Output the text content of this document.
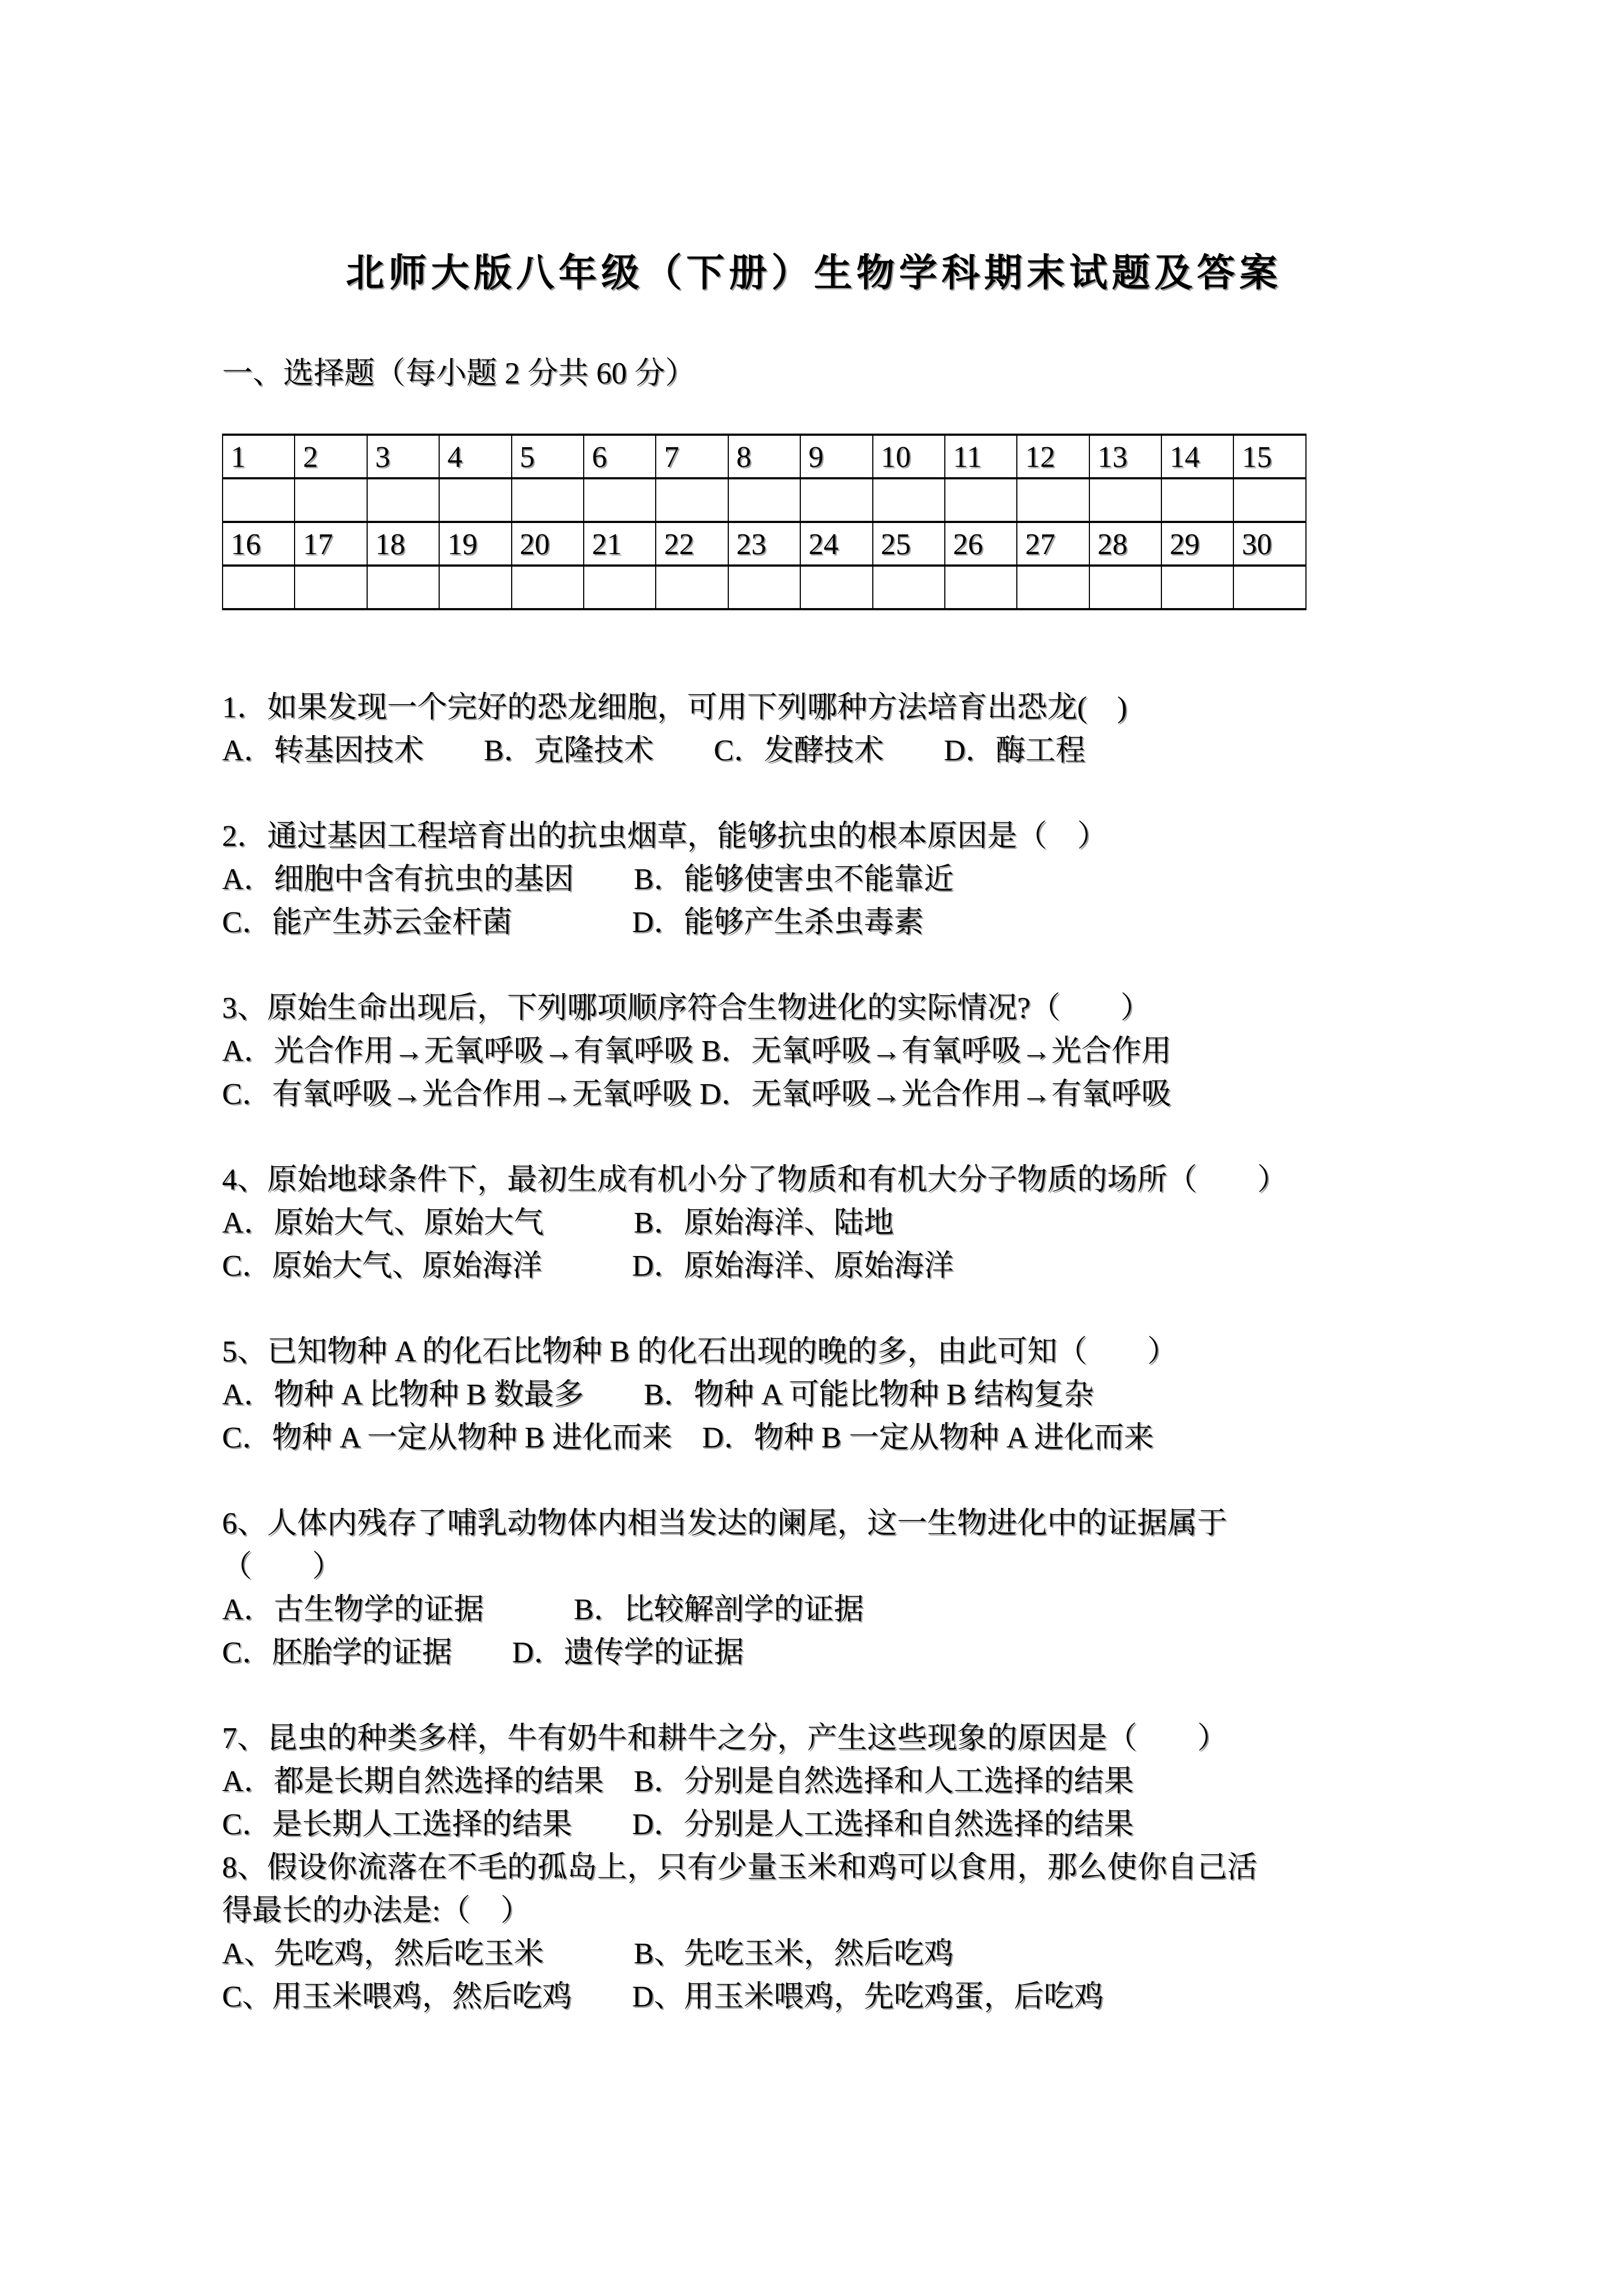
北师大版八年级（下册）生物学科期末试题及答案

一、选择题（每小题 2 分共 60 分）

1	2	3	4	5	6	7	8	9	10	11	12	13	14	15

16	17	18	19	20	21	22	23	24	25	26	27	28	29	30

1．如果发现一个完好的恐龙细胞，可用下列哪种方法培育出恐龙(　)

A．转基因技术　　B．克隆技术　　C．发酵技术　　D．酶工程

2．通过基因工程培育出的抗虫烟草，能够抗虫的根本原因是（　）

A．细胞中含有抗虫的基因　　B．能够使害虫不能靠近

C．能产生苏云金杆菌　　　　D．能够产生杀虫毒素

3、原始生命出现后，下列哪项顺序符合生物进化的实际情况?（　　）

A．光合作用→无氧呼吸→有氧呼吸 B．无氧呼吸→有氧呼吸→光合作用

C．有氧呼吸→光合作用→无氧呼吸 D．无氧呼吸→光合作用→有氧呼吸

4、原始地球条件下，最初生成有机小分了物质和有机大分子物质的场所（　　）

A．原始大气、原始大气　　　B．原始海洋、陆地

C．原始大气、原始海洋　　　D．原始海洋、原始海洋

5、已知物种 A 的化石比物种 B 的化石出现的晚的多，由此可知（　　）

A．物种 A 比物种 B 数最多　　B．物种 A 可能比物种 B 结构复杂

C．物种 A 一定从物种 B 进化而来　D．物种 B 一定从物种 A 进化而来

6、人体内残存了哺乳动物体内相当发达的阑尾，这一生物进化中的证据属于

（　　）

A．古生物学的证据　　　B．比较解剖学的证据

C．胚胎学的证据　　D．遗传学的证据

7、昆虫的种类多样，牛有奶牛和耕牛之分，产生这些现象的原因是（　　）

A．都是长期自然选择的结果　B．分别是自然选择和人工选择的结果

C．是长期人工选择的结果　　D．分别是人工选择和自然选择的结果

8、假设你流落在不毛的孤岛上，只有少量玉米和鸡可以食用，那么使你自己活

得最长的办法是:（　）

A、先吃鸡，然后吃玉米　　　B、先吃玉米，然后吃鸡

C、用玉米喂鸡，然后吃鸡　　D、用玉米喂鸡，先吃鸡蛋，后吃鸡
